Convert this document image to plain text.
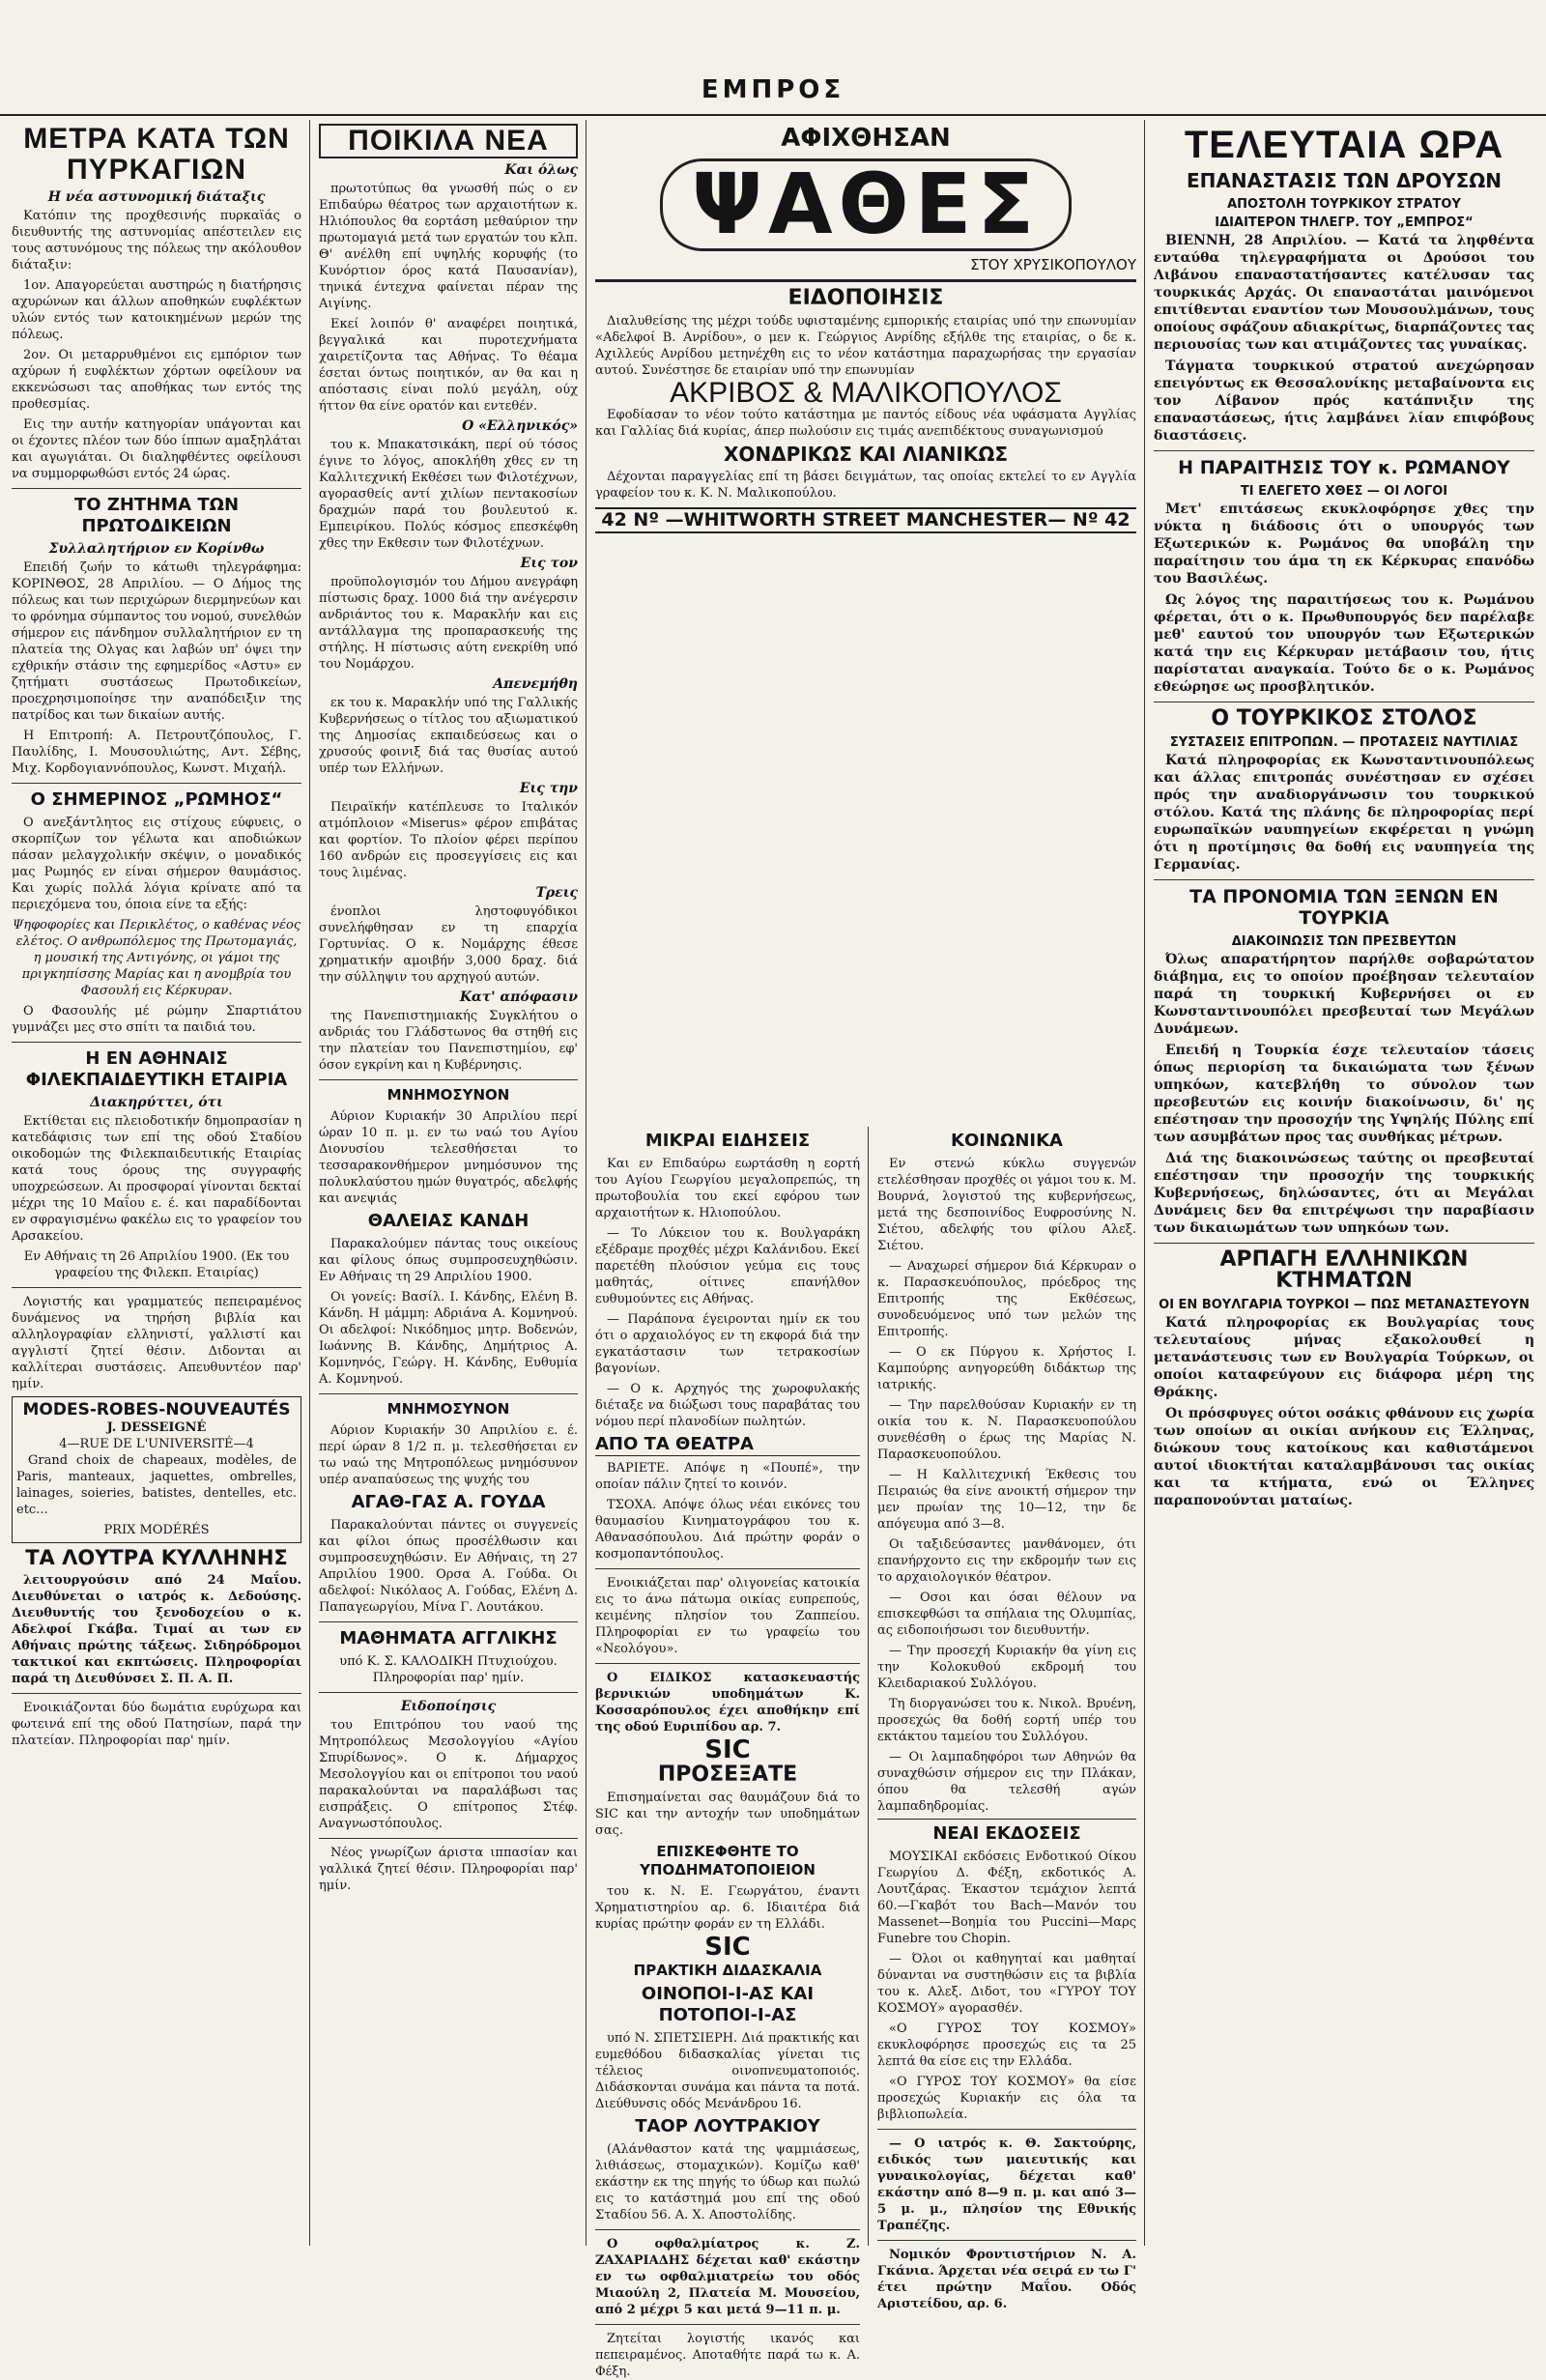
ΕΜΠΡΟΣ
ΜΕΤΡΑ ΚΑΤΑ ΤΩΝ ΠΥΡΚΑΓΙΩΝ
Η νέα αστυνομική διάταξις

Κατόπιν της προχθεσινής πυρκαϊάς ο διευθυντής της αστυνομίας απέστειλεν εις τους αστυνόμους της πόλεως την ακόλουθον διάταξιν:

1ον. Απαγορεύεται αυστηρώς η διατήρησις αχυρώνων και άλλων αποθηκών ευφλέκτων υλών εντός των κατοικημένων μερών της πόλεως.

2ον. Οι μεταρρυθμένοι εις εμπόριον των αχύρων ή ευφλέκτων χόρτων οφείλουν να εκκενώσωσι τας αποθήκας των εντός της προθεσμίας.

Εις την αυτήν κατηγορίαν υπάγονται και οι έχοντες πλέον των δύο ίππων αμαξηλάται και αγωγιάται. Οι διαληφθέντες οφείλουσι να συμμορφωθώσι εντός 24 ώρας.

ΤΟ ΖΗΤΗΜΑ ΤΩΝ ΠΡΩΤΟΔΙΚΕΙΩΝ
Συλλαλητήριον εν Κορίνθω

Επειδή ζωήν το κάτωθι τηλεγράφημα: ΚΟΡΙΝΘΟΣ, 28 Απριλίου. — Ο Δήμος της πόλεως και των περιχώρων διερμηνεύων και το φρόνημα σύμπαντος του νομού, συνελθών σήμερον εις πάνδημον συλλαλητήριον εν τη πλατεία της Ολγας και λαβών υπ' όψει την εχθρικήν στάσιν της εφημερίδος «Αστυ» εν ζητήματι συστάσεως Πρωτοδικείων, προεχρησιμοποίησε την αναπόδειξιν της πατρίδος και των δικαίων αυτής.

Η Επιτροπή: Α. Πετρουτζόπουλος, Γ. Παυλίδης, Ι. Μουσουλιώτης, Αντ. Σέβης, Μιχ. Κορδογιαννόπουλος, Κωνστ. Μιχαήλ.

Ο ΣΗΜΕΡΙΝΟΣ „ΡΩΜΗΟΣ“

Ο ανεξάντλητος εις στίχους εύφυεις, ο σκορπίζων τον γέλωτα και αποδιώκων πάσαν μελαγχολικήν σκέψιν, ο μοναδικός μας Ρωμηός εν είναι σήμερον θαυμάσιος. Και χωρίς πολλά λόγια κρίνατε από τα περιεχόμενα του, όποια είνε τα εξής:

Ψηφοφορίες και Περικλέτος, ο καθένας νέος ελέτος. Ο ανθρωπόλεμος της Πρωτομαγιάς, η μουσική της Αντιγόνης, οι γάμοι της πριγκηπίσσης Μαρίας και η ανομβρία του Φασουλή εις Κέρκυραν.

Ο Φασουλής μέ ρώμην Σπαρτιάτου γυμνάζει μες στο σπίτι τα παιδιά του.

Η ΕΝ ΑΘΗΝΑΙΣ ΦΙΛΕΚΠΑΙΔΕΥΤΙΚΗ ΕΤΑΙΡΙΑ
Διακηρύττει, ότι

Εκτίθεται εις πλειοδοτικήν δημοπρασίαν η κατεδάφισις των επί της οδού Σταδίου οικοδομών της Φιλεκπαιδευτικής Εταιρίας κατά τους όρους της συγγραφής υποχρεώσεων. Αι προσφοραί γίνονται δεκταί μέχρι της 10 Μαΐου ε. έ. και παραδίδονται εν σφραγισμένω φακέλω εις το γραφείον του Αρσακείου.

Εν Αθήναις τη 26 Απριλίου 1900. (Εκ του γραφείου της Φιλεκπ. Εταιρίας)

Λογιστής και γραμματεύς πεπειραμένος δυνάμενος να τηρήση βιβλία και αλληλογραφίαν ελληνιστί, γαλλιστί και αγγλιστί ζητεί θέσιν. Διδονται αι καλλίτεραι συστάσεις. Απευθυντέον παρ' ημίν.

MODES-ROBES-NOUVEAUTÉS
J. DESSEIGNÉ
4—RUE DE L'UNIVERSITÉ—4

Grand choix de chapeaux, modèles, de Paris, manteaux, jaquettes, ombrelles, lainages, soieries, batistes, dentelles, etc. etc...

PRIX MODÉRÉS
ΤΑ ΛΟΥΤΡΑ ΚΥΛΛΗΝΗΣ

λειτουργούσιν από 24 Μαΐου. Διευθύνεται ο ιατρός κ. Δεδούσης. Διευθυντής του ξενοδοχείου ο κ. Αδελφοί Γκάβα. Τιμαί αι των εν Αθήναις πρώτης τάξεως. Σιδηρόδρομοι τακτικοί και εκπτώσεις. Πληροφορίαι παρά τη Διευθύνσει Σ. Π. Α. Π.

Ενοικιάζονται δύο δωμάτια ευρύχωρα και φωτεινά επί της οδού Πατησίων, παρά την πλατείαν. Πληροφορίαι παρ' ημίν.

ΠΟΙΚΙΛΑ ΝΕΑ
Και όλως

πρωτοτύπως θα γνωσθή πώς ο εν Επιδαύρω θέατρος των αρχαιοτήτων κ. Ηλιόπουλος θα εορτάση μεθαύριον την πρωτομαγιά μετά των εργατών του κλπ. Θ' ανέλθη επί υψηλής κορυφής (το Κυνόρτιον όρος κατά Παυσανίαν), τηνικά έντεχνα φαίνεται πέραν της Αιγίνης.

Εκεί λοιπόν θ' αναφέρει ποιητικά, βεγγαλικά και πυροτεχνήματα χαιρετίζοντα τας Αθήνας. Το θέαμα έσεται όντως ποιητικόν, αν θα και η απόστασις είναι πολύ μεγάλη, ούχ ήττον θα είνε ορατόν και εντεθέν.

Ο «Ελληνικός»

του κ. Μπακατσικάκη, περί ού τόσος έγινε το λόγος, αποκλήθη χθες εν τη Καλλιτεχνική Εκθέσει των Φιλοτέχνων, αγορασθείς αντί χιλίων πεντακοσίων δραχμών παρά του βουλευτού κ. Εμπειρίκου. Πολύς κόσμος επεσκέφθη χθες την Εκθεσιν των Φιλοτέχνων.

Εις τον

προϋπολογισμόν του Δήμου ανεγράφη πίστωσις δραχ. 1000 διά την ανέγερσιν ανδριάντος του κ. Μαρακλήν και εις αντάλλαγμα της προπαρασκευής της στήλης. Η πίστωσις αύτη ενεκρίθη υπό του Νομάρχου.

Απενεμήθη

εκ του κ. Μαρακλήν υπό της Γαλλικής Κυβερνήσεως ο τίτλος του αξιωματικού της Δημοσίας εκπαιδεύσεως και ο χρυσούς φοινιξ διά τας θυσίας αυτού υπέρ των Ελλήνων.

Εις την

Πειραϊκήν κατέπλευσε το Ιταλικόν ατμόπλοιον «Miserus» φέρον επιβάτας και φορτίον. Το πλοίον φέρει περίπου 160 ανδρών εις προσεγγίσεις εις και τους λιμένας.

Τρεις

ένοπλοι ληστοφυγόδικοι συνελήφθησαν εν τη επαρχία Γορτυνίας. Ο κ. Νομάρχης έθεσε χρηματικήν αμοιβήν 3,000 δραχ. διά την σύλληψιν του αρχηγού αυτών.

Κατ' απόφασιν

της Πανεπιστημιακής Συγκλήτου ο ανδριάς του Γλάδστωνος θα στηθή εις την πλατείαν του Πανεπιστημίου, εφ' όσον εγκρίνη και η Κυβέρνησις.

ΜΝΗΜΟΣΥΝΟΝ

Αύριον Κυριακήν 30 Απριλίου περί ώραν 10 π. μ. εν τω ναώ του Αγίου Διονυσίου τελεσθήσεται το τεσσαρακονθήμερον μνημόσυνον της πολυκλαύστου ημών θυγατρός, αδελφής και ανεψιάς

ΘΑΛΕΙΑΣ ΚΑΝΔΗ

Παρακαλούμεν πάντας τους οικείους και φίλους όπως συμπροσευχηθώσιν. Εν Αθήναις τη 29 Απριλίου 1900.

Οι γονείς: Βασίλ. Ι. Κάνδης, Ελένη Β. Κάνδη. Η μάμμη: Αδριάνα Α. Κομνηνού. Οι αδελφοί: Νικόδημος μητρ. Βοδενών, Ιωάννης Β. Κάνδης, Δημήτριος Α. Κομνηνός, Γεώργ. Η. Κάνδης, Ευθυμία Α. Κομνηνού.

ΜΝΗΜΟΣΥΝΟΝ

Αύριον Κυριακήν 30 Απριλίου ε. έ. περί ώραν 8 1/2 π. μ. τελεσθήσεται εν τω ναώ της Μητροπόλεως μνημόσυνον υπέρ αναπαύσεως της ψυχής του

ΑΓΑΘ-ΓΑΣ Α. ΓΟΥΔΑ

Παρακαλούνται πάντες οι συγγενείς και φίλοι όπως προσέλθωσιν και συμπροσευχηθώσιν. Εν Αθήναις, τη 27 Απριλίου 1900. Ορσα Α. Γούδα. Οι αδελφοί: Νικόλαος Α. Γούδας, Ελένη Δ. Παπαγεωργίου, Μίνα Γ. Λουτάκου.

ΜΑΘΗΜΑΤΑ ΑΓΓΛΙΚΗΣ

υπό Κ. Σ. ΚΑΛΟΔΙΚΗ Πτυχιούχου. Πληροφορίαι παρ' ημίν.

Ειδοποίησις

του Επιτρόπου του ναού της Μητροπόλεως Μεσολογγίου «Αγίου Σπυρίδωνος». Ο κ. Δήμαρχος Μεσολογγίου και οι επίτροποι του ναού παρακαλούνται να παραλάβωσι τας εισπράξεις. Ο επίτροπος Στέφ. Αναγνωστόπουλος.

Νέος γνωρίζων άριστα ιππασίαν και γαλλικά ζητεί θέσιν. Πληροφορίαι παρ' ημίν.

ΑΦΙΧΘΗΣΑΝ
ΨΑΘΕΣ
ΣΤΟΥ ΧΡΥΣΙΚΟΠΟΥΛΟΥ
ΕΙΔΟΠΟΙΗΣΙΣ

Διαλυθείσης της μέχρι τούδε υφισταμένης εμπορικής εταιρίας υπό την επωνυμίαν «Αδελφοί Β. Ανρίδου», ο μεν κ. Γεώργιος Ανρίδης εξήλθε της εταιρίας, ο δε κ. Αχιλλεύς Ανρίδου μετηνέχθη εις το νέον κατάστημα παραχωρήσας την εργασίαν αυτού. Συνέστησε δε εταιρίαν υπό την επωνυμίαν

ΑΚΡΙΒΟΣ & ΜΑΛΙΚΟΠΟΥΛΟΣ

Εφοδίασαν το νέον τούτο κατάστημα με παντός είδους νέα υφάσματα Αγγλίας και Γαλλίας διά κυρίας, άπερ πωλούσιν εις τιμάς ανεπιδέκτους συναγωνισμού

ΧΟΝΔΡΙΚΩΣ ΚΑΙ ΛΙΑΝΙΚΩΣ

Δέχονται παραγγελίας επί τη βάσει δειγμάτων, τας οποίας εκτελεί το εν Αγγλία γραφείον του κ. Κ. Ν. Μαλικοπούλου.

42 Nº —WHITWORTH STREET MANCHESTER— Nº 42
ΜΙΚΡΑΙ ΕΙΔΗΣΕΙΣ

Και εν Επιδαύρω εωρτάσθη η εορτή του Αγίου Γεωργίου μεγαλοπρεπώς, τη πρωτοβουλία του εκεί εφόρου των αρχαιοτήτων κ. Ηλιοπούλου.

— Το Λύκειον του κ. Βουλγαράκη εξέδραμε προχθές μέχρι Καλάνιδου. Εκεί παρετέθη πλούσιον γεύμα εις τους μαθητάς, οίτινες επανήλθον ευθυμούντες εις Αθήνας.

— Παράπονα έγειρονται ημίν εκ του ότι ο αρχαιολόγος εν τη εκφορά διά την εγκατάστασιν των τετρακοσίων βαγονίων.

— Ο κ. Αρχηγός της χωροφυλακής διέταξε να διώξωσι τους παραβάτας του νόμου περί πλανοδίων πωλητών.

ΑΠΟ ΤΑ ΘΕΑΤΡΑ

ΒΑΡΙΕΤΕ. Απόψε η «Πουπέ», την οποίαν πάλιν ζητεί το κοινόν.

ΤΣΟΧΑ. Απόψε όλως νέαι εικόνες του θαυμασίου Κινηματογράφου του κ. Αθανασόπουλου. Διά πρώτην φοράν ο κοσμοπαντόπουλος.

Ενοικιάζεται παρ' ολιγονείας κατοικία εις το άνω πάτωμα οικίας ευπρεπούς, κειμένης πλησίον του Ζαππείου. Πληροφορίαι εν τω γραφείω του «Νεολόγου».

Ο ΕΙΔΙΚΟΣ κατασκευαστής βερνικιών υποδημάτων Κ. Κοσσαρόπουλος έχει αποθήκην επί της οδού Ευριπίδου αρ. 7.

SIC
ΠΡΟΣΕΞΑΤΕ

Επισημαίνεται σας θαυμάζουν διά το SIC και την αντοχήν των υποδημάτων σας.

ΕΠΙΣΚΕΦΘΗΤΕ ΤΟ ΥΠΟΔΗΜΑΤΟΠΟΙΕΙΟΝ

του κ. Ν. Ε. Γεωργάτου, έναντι Χρηματιστηρίου αρ. 6. Ιδιαιτέρα διά κυρίας πρώτην φοράν εν τη Ελλάδι.

SIC
ΠΡΑΚΤΙΚΗ ΔΙΔΑΣΚΑΛΙΑ
ΟΙΝΟΠΟΙ-Ι-ΑΣ ΚΑΙ ΠΟΤΟΠΟΙ-Ι-ΑΣ

υπό Ν. ΣΠΕΤΣΙΕΡΗ. Διά πρακτικής και ευμεθόδου διδασκαλίας γίνεται τις τέλειος οινοπνευματοποιός. Διδάσκονται συνάμα και πάντα τα ποτά. Διεύθυνσις οδός Μενάνδρου 16.

ΤΑΟΡ ΛΟΥΤΡΑΚΙΟΥ

(Αλάνθαστον κατά της ψαμμιάσεως, λιθιάσεως, στομαχικών). Κομίζω καθ' εκάστην εκ της πηγής το ύδωρ και πωλώ εις το κατάστημά μου επί της οδού Σταδίου 56. Α. Χ. Αποστολίδης.

Ο οφθαλμίατρος κ. Ζ. ΖΑΧΑΡΙΑΔΗΣ δέχεται καθ' εκάστην εν τω οφθαλμιατρείω του οδός Μιαούλη 2, Πλατεία Μ. Μουσείου, από 2 μέχρι 5 και μετά 9—11 π. μ.

Ζητείται λογιστής ικανός και πεπειραμένος. Αποταθήτε παρά τω κ. Α. Φέξη.

ΚΟΙΝΩΝΙΚΑ

Εν στενώ κύκλω συγγενών ετελέσθησαν προχθές οι γάμοι του κ. Μ. Βουρνά, λογιστού της κυβερνήσεως, μετά της δεσποινίδος Ευφροσύνης Ν. Σιέτου, αδελφής του φίλου Αλεξ. Σιέτου.

— Αναχωρεί σήμερον διά Κέρκυραν ο κ. Παρασκευόπουλος, πρόεδρος της Επιτροπής της Εκθέσεως, συνοδευόμενος υπό των μελών της Επιτροπής.

— Ο εκ Πύργου κ. Χρήστος Ι. Καμπούρης ανηγορεύθη διδάκτωρ της ιατρικής.

— Την παρελθούσαν Κυριακήν εν τη οικία του κ. Ν. Παρασκευοπούλου συνεθέσθη ο έρως της Μαρίας Ν. Παρασκευοπούλου.

— Η Καλλιτεχνική Έκθεσις του Πειραιώς θα είνε ανοικτή σήμερον την μεν πρωίαν της 10—12, την δε απόγευμα από 3—8.

Οι ταξιδεύσαντες μανθάνομεν, ότι επανήρχοντο εις την εκδρομήν των εις το αρχαιολογικόν θέατρον.

— Οσοι και όσαι θέλουν να επισκεφθώσι τα σπήλαια της Ολυμπίας, ας ειδοποιήσωσι τον διευθυντήν.

— Την προσεχή Κυριακήν θα γίνη εις την Κολοκυθού εκδρομή του Κλειδαριακού Συλλόγου.

Τη διοργανώσει του κ. Νικολ. Βρυένη, προσεχώς θα δοθή εορτή υπέρ του εκτάκτου ταμείου του Συλλόγου.

— Οι λαμπαδηφόροι των Αθηνών θα συναχθώσιν σήμερον εις την Πλάκαν, όπου θα τελεσθή αγών λαμπαδηδρομίας.

ΝΕΑΙ ΕΚΔΟΣΕΙΣ

ΜΟΥΣΙΚΑΙ εκδόσεις Ενδοτικού Οίκου Γεωργίου Δ. Φέξη, εκδοτικός Α. Λουτζάρας. Έκαστον τεμάχιον λεπτά 60.—Γκαβότ του Bach—Μανόν του Massenet—Βοημία του Puccini—Μαρς Funebre του Chopin.

— Όλοι οι καθηγηταί και μαθηταί δύνανται να συστηθώσιν εις τα βιβλία του κ. Αλεξ. Διδοτ, του «ΓΥΡΟΥ ΤΟΥ ΚΟΣΜΟΥ» αγορασθέν.

«Ο ΓΥΡΟΣ ΤΟΥ ΚΟΣΜΟΥ» εκυκλοφόρησε προσεχώς εις τα 25 λεπτά θα είσε εις την Ελλάδα.

«Ο ΓΥΡΟΣ ΤΟΥ ΚΟΣΜΟΥ» θα είσε προσεχώς Κυριακήν εις όλα τα βιβλιοπωλεία.

— Ο ιατρός κ. Θ. Σακτούρης, ειδικός των μαιευτικής και γυναικολογίας, δέχεται καθ' εκάστην από 8—9 π. μ. και από 3—5 μ. μ., πλησίον της Εθνικής Τραπέζης.

Νομικόν Φροντιστήριον Ν. Α. Γκάνια. Άρχεται νέα σειρά εν τω Γ' έτει πρώτην Μαΐου. Οδός Αριστείδου, αρ. 6.

ΤΕΛΕΥΤΑΙΑ ΩΡΑ
ΕΠΑΝΑΣΤΑΣΙΣ ΤΩΝ ΔΡΟΥΣΩΝ
ΑΠΟΣΤΟΛΗ ΤΟΥΡΚΙΚΟΥ ΣΤΡΑΤΟΥ
ΙΔΙΑΙΤΕΡΟΝ ΤΗΛΕΓΡ. ΤΟΥ „ΕΜΠΡΟΣ“

ΒΙΕΝΝΗ, 28 Απριλίου. — Κατά τα ληφθέντα ενταύθα τηλεγραφήματα οι Δρούσοι του Λιβάνου επαναστατήσαντες κατέλυσαν τας τουρκικάς Αρχάς. Οι επαναστάται μαινόμενοι επιτίθενται εναντίον των Μουσουλμάνων, τους οποίους σφάζουν αδιακρίτως, διαρπάζοντες τας περιουσίας των και ατιμάζοντες τας γυναίκας.

Τάγματα τουρκικού στρατού ανεχώρησαν επειγόντως εκ Θεσσαλονίκης μεταβαίνοντα εις τον Λίβανον πρός κατάπνιξιν της επαναστάσεως, ήτις λαμβάνει λίαν επιφόβους διαστάσεις.

Η ΠΑΡΑΙΤΗΣΙΣ ΤΟΥ κ. ΡΩΜΑΝΟΥ
ΤΙ ΕΛΕΓΕΤΟ ΧΘΕΣ — ΟΙ ΛΟΓΟΙ

Μετ' επιτάσεως εκυκλοφόρησε χθες την νύκτα η διάδοσις ότι ο υπουργός των Εξωτερικών κ. Ρωμάνος θα υποβάλη την παραίτησιν του άμα τη εκ Κέρκυρας επανόδω του Βασιλέως.

Ως λόγος της παραιτήσεως του κ. Ρωμάνου φέρεται, ότι ο κ. Πρωθυπουργός δεν παρέλαβε μεθ' εαυτού τον υπουργόν των Εξωτερικών κατά την εις Κέρκυραν μετάβασιν του, ήτις παρίσταται αναγκαία. Τούτο δε ο κ. Ρωμάνος εθεώρησε ως προσβλητικόν.

Ο ΤΟΥΡΚΙΚΟΣ ΣΤΟΛΟΣ
ΣΥΣΤΑΣΕΙΣ ΕΠΙΤΡΟΠΩΝ. — ΠΡΟΤΑΣΕΙΣ ΝΑΥΤΙΛΙΑΣ

Κατά πληροφορίας εκ Κωνσταντινουπόλεως και άλλας επιτροπάς συνέστησαν εν σχέσει πρός την αναδιοργάνωσιν του τουρκικού στόλου. Κατά της πλάνης δε πληροφορίας περί ευρωπαϊκών ναυπηγείων εκφέρεται η γνώμη ότι η προτίμησις θα δοθή εις ναυπηγεία της Γερμανίας.

ΤΑ ΠΡΟΝΟΜΙΑ ΤΩΝ ΞΕΝΩΝ ΕΝ ΤΟΥΡΚΙΑ
ΔΙΑΚΟΙΝΩΣΙΣ ΤΩΝ ΠΡΕΣΒΕΥΤΩΝ

Όλως απαρατήρητον παρήλθε σοβαρώτατον διάβημα, εις το οποίον προέβησαν τελευταίον παρά τη τουρκική Κυβερνήσει οι εν Κωνσταντινουπόλει πρεσβευταί των Μεγάλων Δυνάμεων.

Επειδή η Τουρκία έσχε τελευταίον τάσεις όπως περιορίση τα δικαιώματα των ξένων υπηκόων, κατεβλήθη το σύνολον των πρεσβευτών εις κοινήν διακοίνωσιν, δι' ης επέστησαν την προσοχήν της Υψηλής Πύλης επί των ασυμβάτων προς τας συνθήκας μέτρων.

Διά της διακοινώσεως ταύτης οι πρεσβευταί επέστησαν την προσοχήν της τουρκικής Κυβερνήσεως, δηλώσαντες, ότι αι Μεγάλαι Δυνάμεις δεν θα επιτρέψωσι την παραβίασιν των δικαιωμάτων των υπηκόων των.

ΑΡΠΑΓΗ ΕΛΛΗΝΙΚΩΝ ΚΤΗΜΑΤΩΝ
ΟΙ ΕΝ ΒΟΥΛΓΑΡΙΑ ΤΟΥΡΚΟΙ — ΠΩΣ ΜΕΤΑΝΑΣΤΕΥΟΥΝ

Κατά πληροφορίας εκ Βουλγαρίας τους τελευταίους μήνας εξακολουθεί η μετανάστευσις των εν Βουλγαρία Τούρκων, οι οποίοι καταφεύγουν εις διάφορα μέρη της Θράκης.

Οι πρόσφυγες ούτοι οσάκις φθάνουν εις χωρία των οποίων αι οικίαι ανήκουν εις Έλληνας, διώκουν τους κατοίκους και καθιστάμενοι αυτοί ιδιοκτήται καταλαμβάνουσι τας οικίας και τα κτήματα, ενώ οι Έλληνες παραπονούνται ματαίως.
